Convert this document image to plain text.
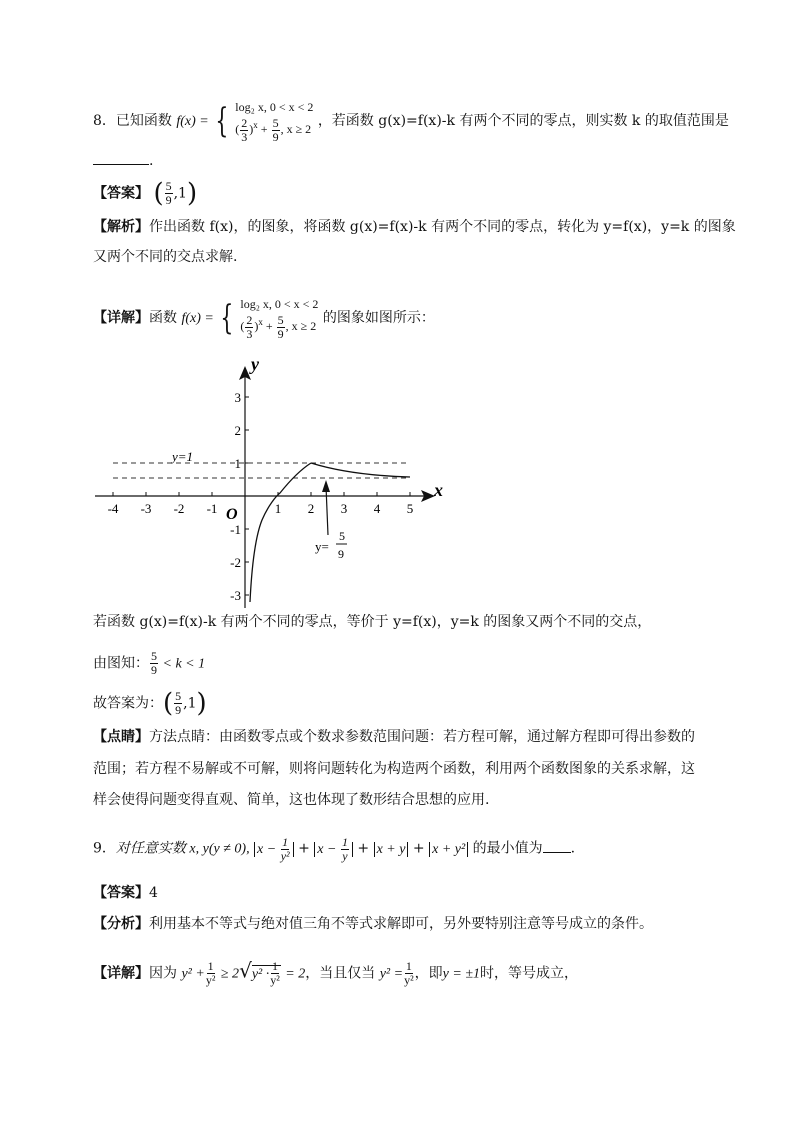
8．已知函数 f(x) = { log₂ x, 0 < x < 2
( $\frac{2}{3} )^x + \frac{5}{9}$ , x ≥ 2
，若函数 g(x)=f(x)-k 有两个不同的零点，则实数 k 的取值范围是
.
【答案】 ( $\frac{5}{9} ,1$)
【解析】作出函数 f(x)，的图象，将函数 g(x)=f(x)-k 有两个不同的零点，转化为 y=f(x)，y=k 的图象
又两个不同的交点求解.
【详解】函数 f(x) = { log₂ x, 0 < x < 2
( $\frac{2}{3} )^x + \frac{5}{9}$ , x ≥ 2
的图象如图所示：
x
y
O
-4 -3 -2 -1	1 2 3 4 5
3
2
1
-1
-2
-3
y=1
y=
5
9
若函数 g(x)=f(x)-k 有两个不同的零点，等价于 y=f(x)，y=k 的图象又两个不同的交点，
由图知： $\frac{5}{9} < k < 1$
故答案为：( $\frac{5}{9} ,1$)
【点睛】方法点睛：由函数零点或个数求参数范围问题：若方程可解，通过解方程即可得出参数的
范围；若方程不易解或不可解，则将问题转化为构造两个函数，利用两个函数图象的关系求解，这
样会使得问题变得直观、简单，这也体现了数形结合思想的应用.
9．对任意实数 x, y(y ≠ 0), $x - \frac{1}{\text{y²}} + x - \frac{1}{y} + x + y + x + y^2$ 的最小值为 .
【答案】4
【分析】利用基本不等式与绝对值三角不等式求解即可，另外要特别注意等号成立的条件。
【详解】因为 $y^2 + \frac{1}{\text{y²}} \ge 2√y^2 \cdot \frac{1}{\text{y²}} = 2$，当且仅当 $y^2 = \frac{1}{\text{y²}}$ ，即y = ±1时，等号成立，
